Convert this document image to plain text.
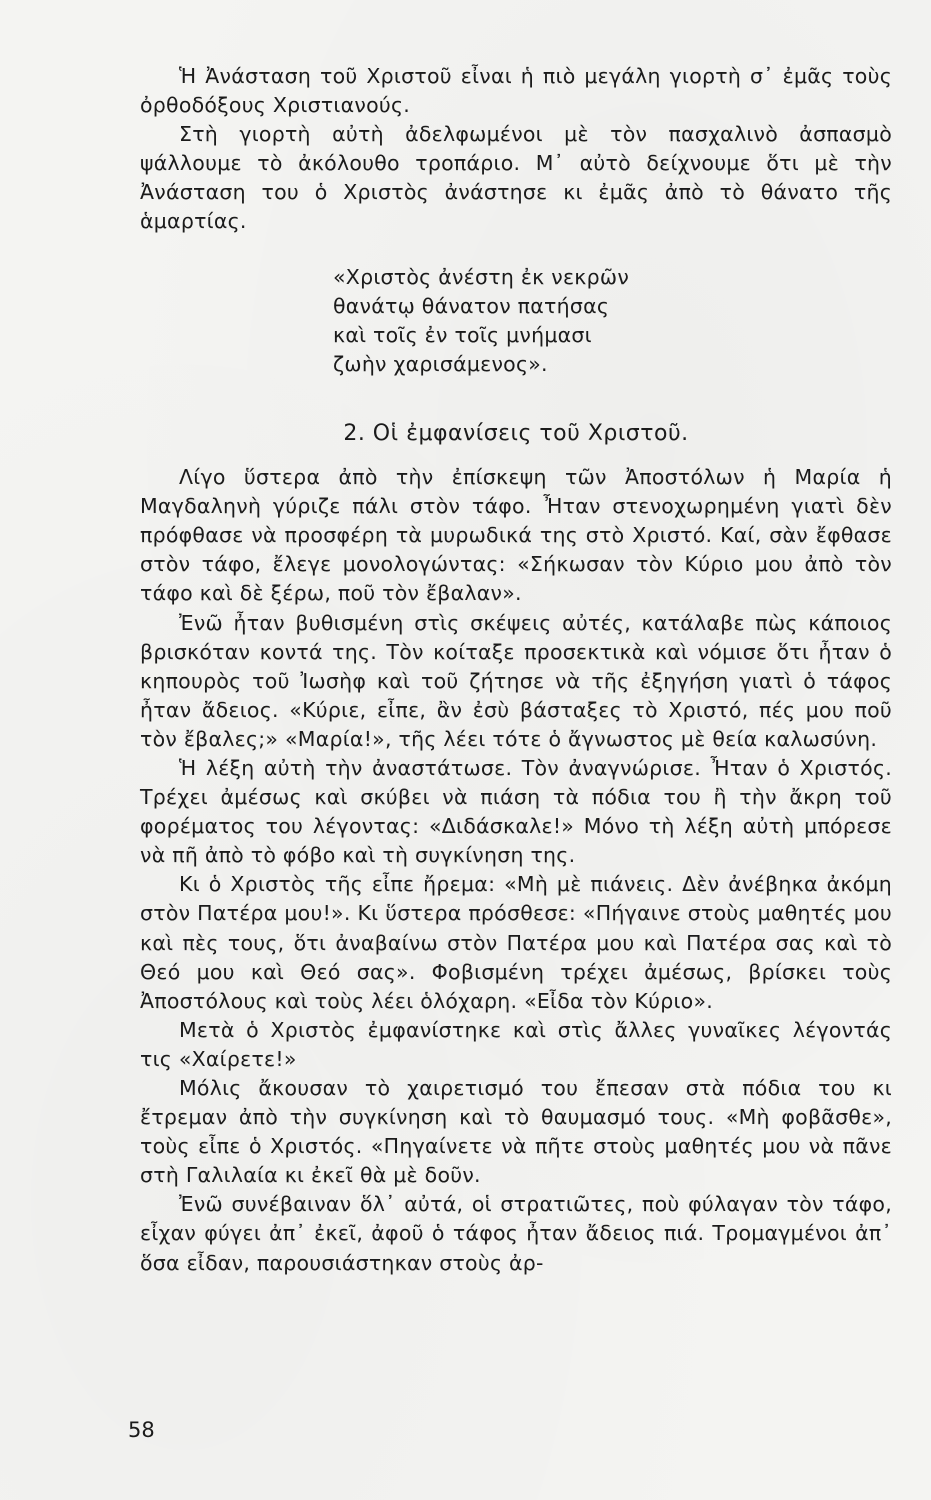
Ἡ Ἀνάσταση τοῦ Χριστοῦ εἶναι ἡ πιὸ μεγάλη γιορτὴ σ᾽ ἐμᾶς τοὺς ὀρθοδόξους Χριστιανούς.

Στὴ γιορτὴ αὐτὴ ἀδελφωμένοι μὲ τὸν πασχαλινὸ ἀσπασμὸ ψάλλουμε τὸ ἀκόλουθο τροπάριο. Μ᾽ αὐτὸ δείχνουμε ὅτι μὲ τὴν Ἀνάσταση του ὁ Χριστὸς ἀνάστησε κι ἐμᾶς ἀπὸ τὸ θάνατο τῆς ἁμαρτίας.

«Χριστὸς ἀνέστη ἐκ νεκρῶν
θανάτῳ θάνατον πατήσας
καὶ τοῖς ἐν τοῖς μνήμασι
ζωὴν χαρισάμενος».
2. Οἱ ἐμφανίσεις τοῦ Χριστοῦ.

Λίγο ὕστερα ἀπὸ τὴν ἐπίσκεψη τῶν Ἀποστόλων ἡ Μαρία ἡ Μαγδαληνὴ γύριζε πάλι στὸν τάφο. Ἦταν στενοχωρημένη γιατὶ δὲν πρόφθασε νὰ προσφέρη τὰ μυρωδικά της στὸ Χριστό. Καί, σὰν ἔφθασε στὸν τάφο, ἔλεγε μονολογώντας: «Σήκωσαν τὸν Κύριο μου ἀπὸ τὸν τάφο καὶ δὲ ξέρω, ποῦ τὸν ἔβαλαν».

Ἐνῶ ἦταν βυθισμένη στὶς σκέψεις αὐτές, κατάλαβε πὼς κάποιος βρισκόταν κοντά της. Τὸν κοίταξε προσεκτικὰ καὶ νόμισε ὅτι ἦταν ὁ κηπουρὸς τοῦ Ἰωσὴφ καὶ τοῦ ζήτησε νὰ τῆς ἐξηγήση γιατὶ ὁ τάφος ἦταν ἄδειος. «Κύριε, εἶπε, ἂν ἐσὺ βάσταξες τὸ Χριστό, πές μου ποῦ τὸν ἔβαλες;» «Μαρία!», τῆς λέει τότε ὁ ἄγνωστος μὲ θεία καλωσύνη.

Ἡ λέξη αὐτὴ τὴν ἀναστάτωσε. Τὸν ἀναγνώρισε. Ἦταν ὁ Χριστός. Τρέχει ἀμέσως καὶ σκύβει νὰ πιάση τὰ πόδια του ἢ τὴν ἄκρη τοῦ φορέματος του λέγοντας: «Διδάσκαλε!» Μόνο τὴ λέξη αὐτὴ μπόρεσε νὰ πῆ ἀπὸ τὸ φόβο καὶ τὴ συγκίνηση της.

Κι ὁ Χριστὸς τῆς εἶπε ἤρεμα: «Μὴ μὲ πιάνεις. Δὲν ἀνέβηκα ἀκόμη στὸν Πατέρα μου!». Κι ὕστερα πρόσθεσε: «Πήγαινε στοὺς μαθητές μου καὶ πὲς τους, ὅτι ἀναβαίνω στὸν Πατέρα μου καὶ Πατέρα σας καὶ τὸ Θεό μου καὶ Θεό σας». Φοβισμένη τρέχει ἀμέσως, βρίσκει τοὺς Ἀποστόλους καὶ τοὺς λέει ὁλόχαρη. «Εἶδα τὸν Κύριο».

Μετὰ ὁ Χριστὸς ἐμφανίστηκε καὶ στὶς ἄλλες γυναῖκες λέγοντάς τις «Χαίρετε!»

Μόλις ἄκουσαν τὸ χαιρετισμό του ἔπεσαν στὰ πόδια του κι ἔτρεμαν ἀπὸ τὴν συγκίνηση καὶ τὸ θαυμασμό τους. «Μὴ φοβᾶσθε», τοὺς εἶπε ὁ Χριστός. «Πηγαίνετε νὰ πῆτε στοὺς μαθητές μου νὰ πᾶνε στὴ Γαλιλαία κι ἐκεῖ θὰ μὲ δοῦν.

Ἐνῶ συνέβαιναν ὅλ᾽ αὐτά, οἱ στρατιῶτες, ποὺ φύλαγαν τὸν τάφο, εἶχαν φύγει ἀπ᾽ ἐκεῖ, ἀφοῦ ὁ τάφος ἦταν ἄδειος πιά. Τρομαγμένοι ἀπ᾽ ὅσα εἶδαν, παρουσιάστηκαν στοὺς ἀρ-

58
